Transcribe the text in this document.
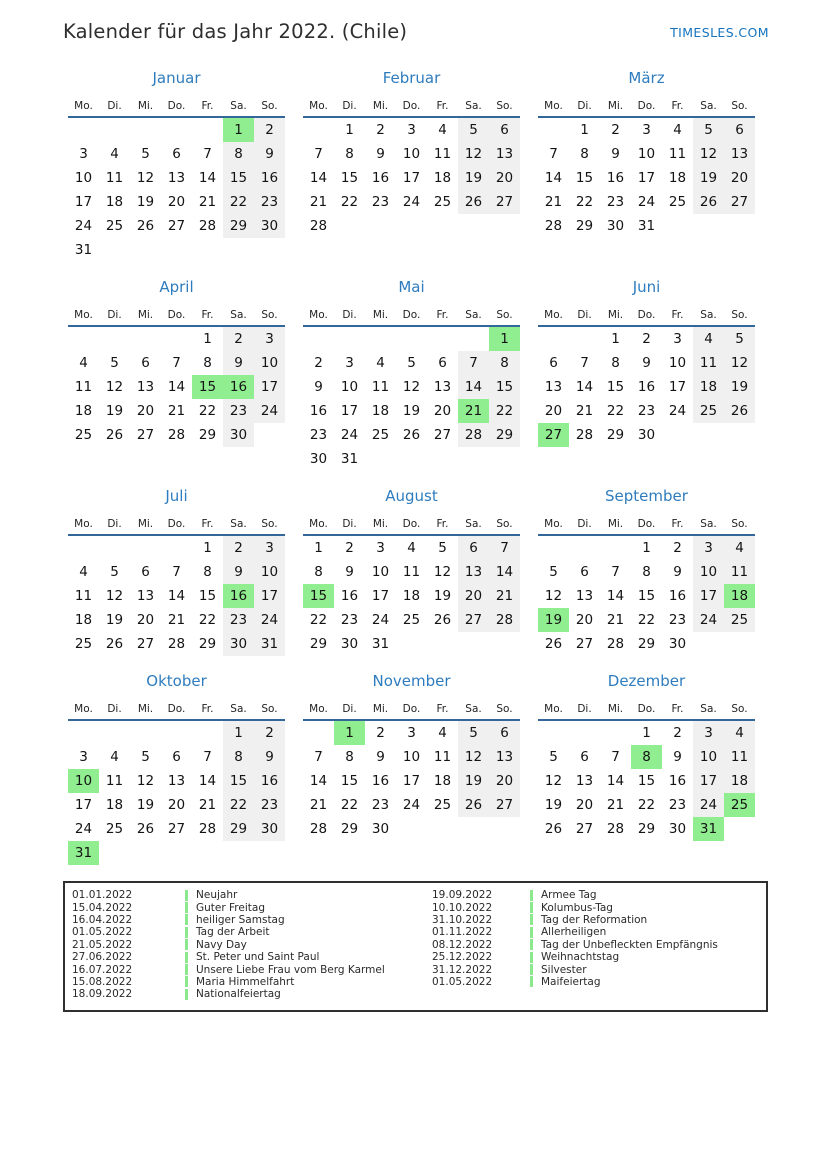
Kalender für das Jahr 2022. (Chile)	TIMESLES.COM
Januar
Mo.	Di.	Mi.	Do.	Fr.	Sa.	So.
					1	2
3	4	5	6	7	8	9
10	11	12	13	14	15	16
17	18	19	20	21	22	23
24	25	26	27	28	29	30
31						
Februar
Mo.	Di.	Mi.	Do.	Fr.	Sa.	So.
	1	2	3	4	5	6
7	8	9	10	11	12	13
14	15	16	17	18	19	20
21	22	23	24	25	26	27
28						
März
Mo.	Di.	Mi.	Do.	Fr.	Sa.	So.
	1	2	3	4	5	6
7	8	9	10	11	12	13
14	15	16	17	18	19	20
21	22	23	24	25	26	27
28	29	30	31			
April
Mo.	Di.	Mi.	Do.	Fr.	Sa.	So.
				1	2	3
4	5	6	7	8	9	10
11	12	13	14	15	16	17
18	19	20	21	22	23	24
25	26	27	28	29	30	
Mai
Mo.	Di.	Mi.	Do.	Fr.	Sa.	So.
						1
2	3	4	5	6	7	8
9	10	11	12	13	14	15
16	17	18	19	20	21	22
23	24	25	26	27	28	29
30	31					
Juni
Mo.	Di.	Mi.	Do.	Fr.	Sa.	So.
		1	2	3	4	5
6	7	8	9	10	11	12
13	14	15	16	17	18	19
20	21	22	23	24	25	26
27	28	29	30			
Juli
Mo.	Di.	Mi.	Do.	Fr.	Sa.	So.
				1	2	3
4	5	6	7	8	9	10
11	12	13	14	15	16	17
18	19	20	21	22	23	24
25	26	27	28	29	30	31
August
Mo.	Di.	Mi.	Do.	Fr.	Sa.	So.
1	2	3	4	5	6	7
8	9	10	11	12	13	14
15	16	17	18	19	20	21
22	23	24	25	26	27	28
29	30	31				
September
Mo.	Di.	Mi.	Do.	Fr.	Sa.	So.
			1	2	3	4
5	6	7	8	9	10	11
12	13	14	15	16	17	18
19	20	21	22	23	24	25
26	27	28	29	30		
Oktober
Mo.	Di.	Mi.	Do.	Fr.	Sa.	So.
					1	2
3	4	5	6	7	8	9
10	11	12	13	14	15	16
17	18	19	20	21	22	23
24	25	26	27	28	29	30
31						
November
Mo.	Di.	Mi.	Do.	Fr.	Sa.	So.
	1	2	3	4	5	6
7	8	9	10	11	12	13
14	15	16	17	18	19	20
21	22	23	24	25	26	27
28	29	30				
Dezember
Mo.	Di.	Mi.	Do.	Fr.	Sa.	So.
			1	2	3	4
5	6	7	8	9	10	11
12	13	14	15	16	17	18
19	20	21	22	23	24	25
26	27	28	29	30	31	
01.01.2022	Neujahr
15.04.2022	Guter Freitag
16.04.2022	heiliger Samstag
01.05.2022	Tag der Arbeit
21.05.2022	Navy Day
27.06.2022	St. Peter und Saint Paul
16.07.2022	Unsere Liebe Frau vom Berg Karmel
15.08.2022	Maria Himmelfahrt
18.09.2022	Nationalfeiertag
19.09.2022	Armee Tag
10.10.2022	Kolumbus-Tag
31.10.2022	Tag der Reformation
01.11.2022	Allerheiligen
08.12.2022	Tag der Unbefleckten Empfängnis
25.12.2022	Weihnachtstag
31.12.2022	Silvester
01.05.2022	Maifeiertag
